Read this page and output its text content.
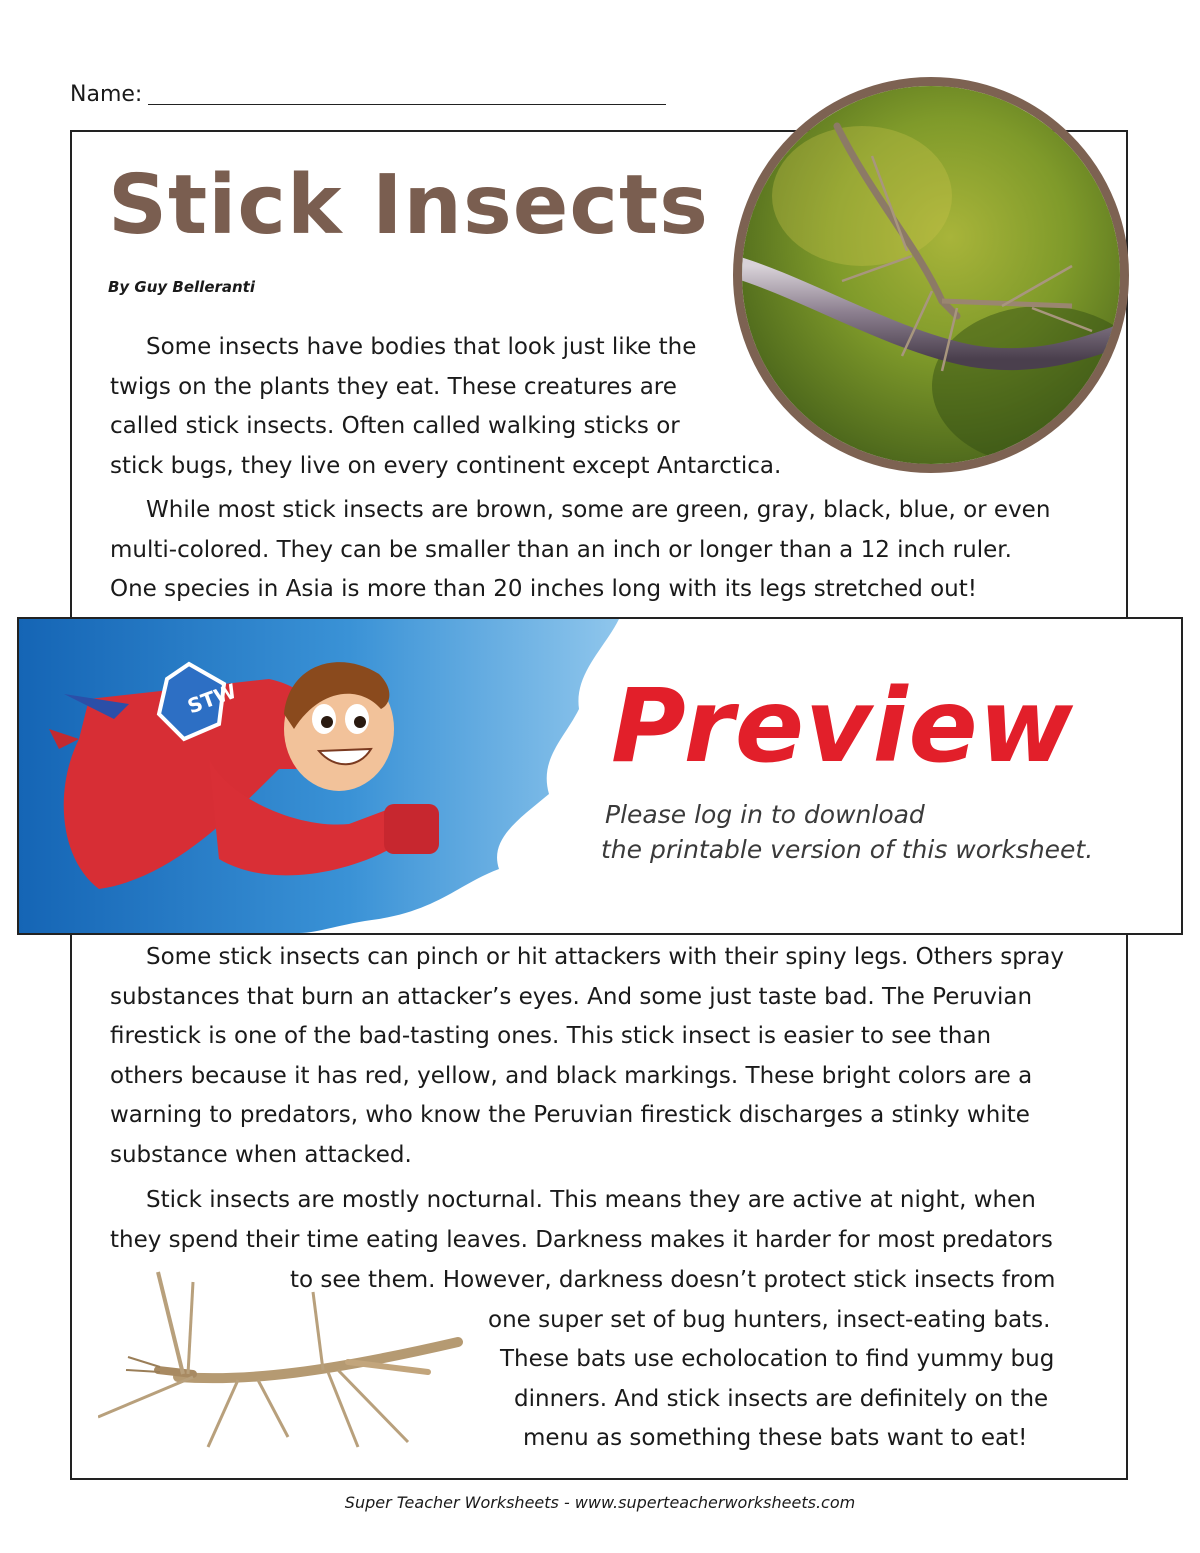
Name:
Stick Insects
By Guy Belleranti

Some insects have bodies that look just like the
twigs on the plants they eat. These creatures are
called stick insects. Often called walking sticks or
stick bugs, they live on every continent except Antarctica.

While most stick insects are brown, some are green, gray, black, blue, or even
multi-colored. They can be smaller than an inch or longer than a 12 inch ruler.
One species in Asia is more than 20 inches long with its legs stretched out!

STW	Preview
Please log in to download
the printable version of this worksheet.

Some stick insects can pinch or hit attackers with their spiny legs. Others spray
substances that burn an attacker’s eyes. And some just taste bad. The Peruvian
firestick is one of the bad-tasting ones. This stick insect is easier to see than
others because it has red, yellow, and black markings. These bright colors are a
warning to predators, who know the Peruvian firestick discharges a stinky white
substance when attacked.

Stick insects are mostly nocturnal. This means they are active at night, when
they spend their time eating leaves. Darkness makes it harder for most predators
to see them. However, darkness doesn’t protect stick insects from
one super set of bug hunters, insect-eating bats.
These bats use echolocation to find yummy bug
dinners. And stick insects are definitely on the
menu as something these bats want to eat!
Super Teacher Worksheets - www.superteacherworksheets.com
